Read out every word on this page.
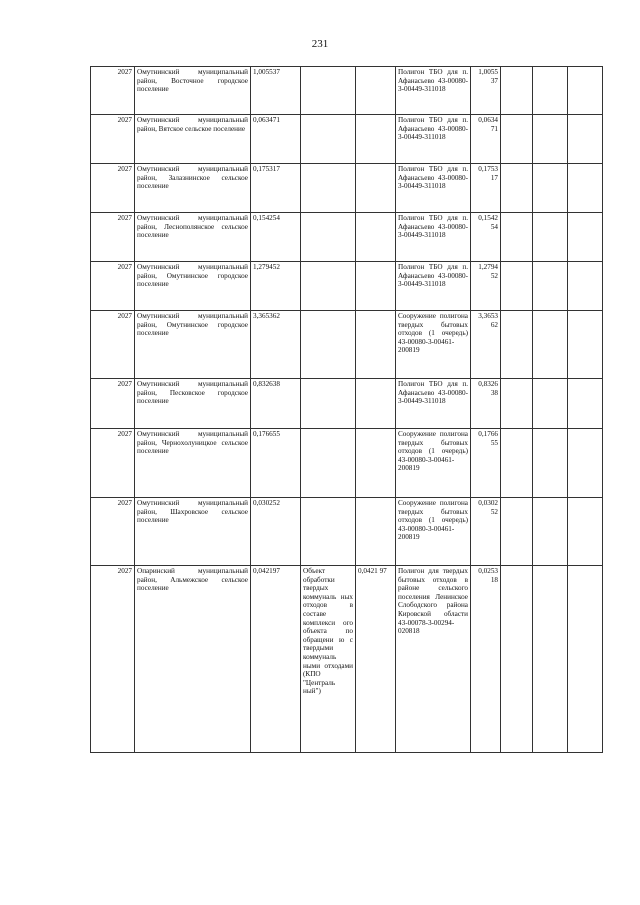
231
2027	Омутнинский муниципальный район, Восточное городское поселение	1,005537			Полигон ТБО для п. Афанасьево 43-00080-3-00449-311018	1,0055 37			
2027	Омутнинский муниципальный район, Вятское сельское поселение	0,063471			Полигон ТБО для п. Афанасьево 43-00080-3-00449-311018	0,0634 71			
2027	Омутнинский муниципальный район, Залазнинское сельское поселение	0,175317			Полигон ТБО для п. Афанасьево 43-00080-3-00449-311018	0,1753 17			
2027	Омутнинский муниципальный район, Леснополянское сельское поселение	0,154254			Полигон ТБО для п. Афанасьево 43-00080-3-00449-311018	0,1542 54			
2027	Омутнинский муниципальный район, Омутнинское городское поселение	1,279452			Полигон ТБО для п. Афанасьево 43-00080-3-00449-311018	1,2794 52			
2027	Омутнинский муниципальный район, Омутнинское городское поселение	3,365362			Сооружение полигона твердых бытовых отходов (1 очередь) 43-00080-3-00461-200819	3,3653 62			
2027	Омутнинский муниципальный район, Песковское городское поселение	0,832638			Полигон ТБО для п. Афанасьево 43-00080-3-00449-311018	0,8326 38			
2027	Омутнинский муниципальный район, Черноxолуницкое сельское поселение	0,176655			Сооружение полигона твердых бытовых отходов (1 очередь) 43-00080-3-00461-200819	0,1766 55			
2027	Омутнинский муниципальный район, Шахровское сельское поселение	0,030252			Сооружение полигона твердых бытовых отходов (1 очередь) 43-00080-3-00461-200819	0,0302 52			
2027	Опаринский муниципальный район, Альмежское сельское поселение	0,042197	Объект обработки твердых коммуналь ных отходов в составе комплекси ого объекта по обращени ю с твердыми коммуналь ными отходами (КПО "Централь ный")	0,0421 97	Полигон для твердых бытовых отходов в районе сельского поселения Ленинское Слободского района Кировской области 43-00078-3-00294-020818	0,0253 18			
